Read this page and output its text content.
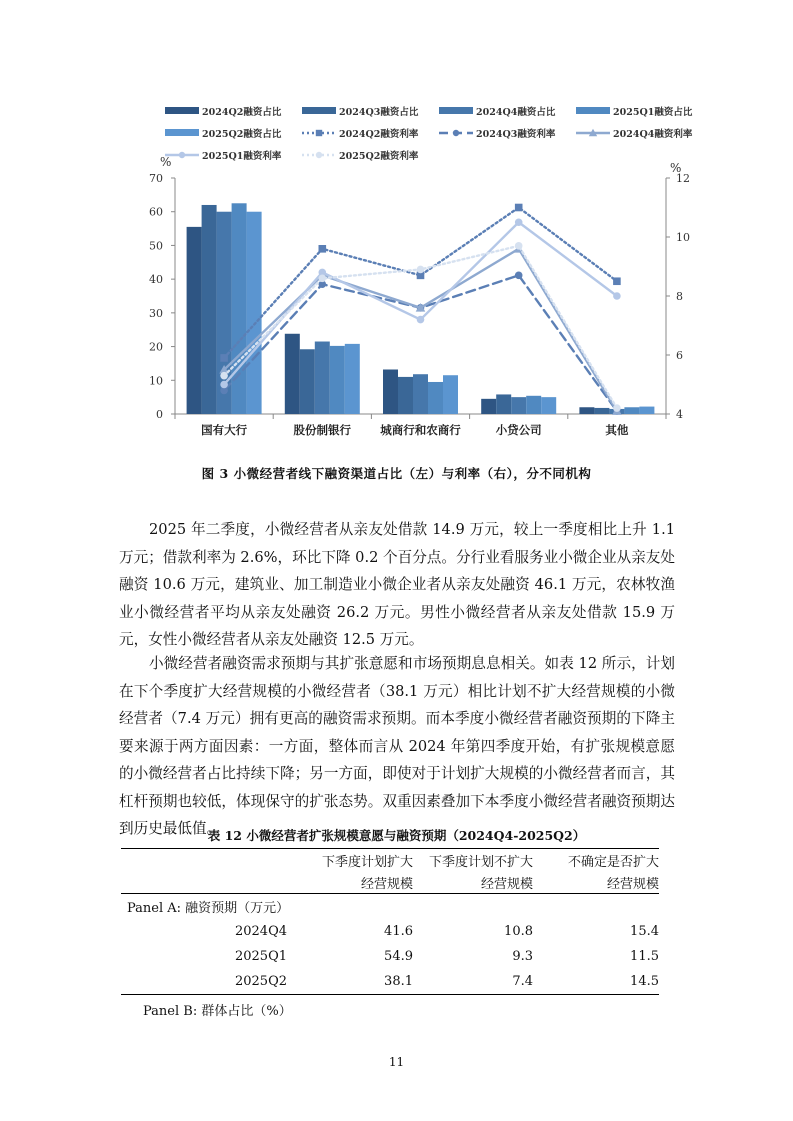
0
10
20
30
40
50
60
70
4
6
8
10
12
%	%
国有大行	股份制银行	城商行和农商行	小贷公司	其他
2024Q2融资占比	2024Q3融资占比	2024Q4融资占比	2025Q1融资占比
2025Q2融资占比	2024Q2融资利率	2024Q3融资利率	2024Q4融资利率
2025Q1融资利率	2025Q2融资利率
图 3 小微经营者线下融资渠道占比（左）与利率（右），分不同机构

2025 年二季度，小微经营者从亲友处借款 14.9 万元，较上一季度相比上升 1.1 万元；借款利率为 2.6%，环比下降 0.2 个百分点。分行业看服务业小微企业从亲友处融资 10.6 万元，建筑业、加工制造业小微企业者从亲友处融资 46.1 万元，农林牧渔业小微经营者平均从亲友处融资 26.2 万元。男性小微经营者从亲友处借款 15.9 万元，女性小微经营者从亲友处融资 12.5 万元。

小微经营者融资需求预期与其扩张意愿和市场预期息息相关。如表 12 所示，计划在下个季度扩大经营规模的小微经营者（38.1 万元）相比计划不扩大经营规模的小微经营者（7.4 万元）拥有更高的融资需求预期。而本季度小微经营者融资预期的下降主要来源于两方面因素：一方面，整体而言从 2024 年第四季度开始，有扩张规模意愿的小微经营者占比持续下降；另一方面，即使对于计划扩大规模的小微经营者而言，其杠杆预期也较低，体现保守的扩张态势。双重因素叠加下本季度小微经营者融资预期达到历史最低值。

表 12 小微经营者扩张规模意愿与融资预期（2024Q4-2025Q2）
	下季度计划扩大	下季度计划不扩大	不确定是否扩大
	经营规模	经营规模	经营规模
Panel A: 融资预期（万元）			
2024Q4	41.6	10.8	15.4
2025Q1	54.9	9.3	11.5
2025Q2	38.1	7.4	14.5
Panel B: 群体占比（%）
11
